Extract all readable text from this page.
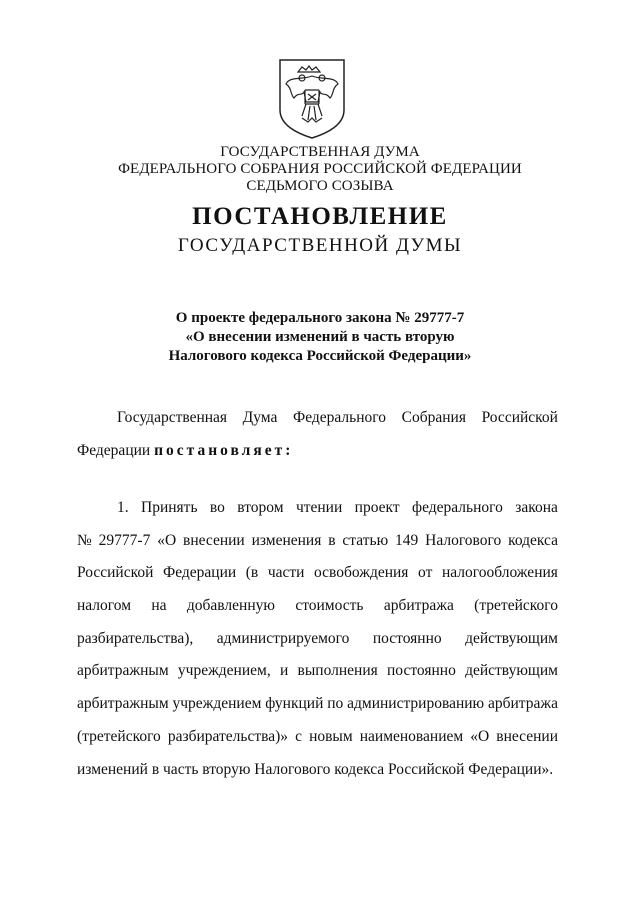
ГОСУДАРСТВЕННАЯ ДУМА
ФЕДЕРАЛЬНОГО СОБРАНИЯ РОССИЙСКОЙ ФЕДЕРАЦИИ
СЕДЬМОГО СОЗЫВА
ПОСТАНОВЛЕНИЕ
ГОСУДАРСТВЕННОЙ ДУМЫ
О проекте федерального закона № 29777-7
«О внесении изменений в часть вторую
Налогового кодекса Российской Федерации»
Государственная Дума Федерального Собрания Российской
Федерации постановляет:
1. Принять во втором чтении проект федерального закона
№ 29777-7 «О внесении изменения в статью 149 Налогового кодекса
Российской Федерации (в части освобождения от налогообложения
налогом на добавленную стоимость арбитража (третейского
разбирательства), администрируемого постоянно действующим
арбитражным учреждением, и выполнения постоянно действующим
арбитражным учреждением функций по администрированию арбитража
(третейского разбирательства)» с новым наименованием «О внесении
изменений в часть вторую Налогового кодекса Российской Федерации».
